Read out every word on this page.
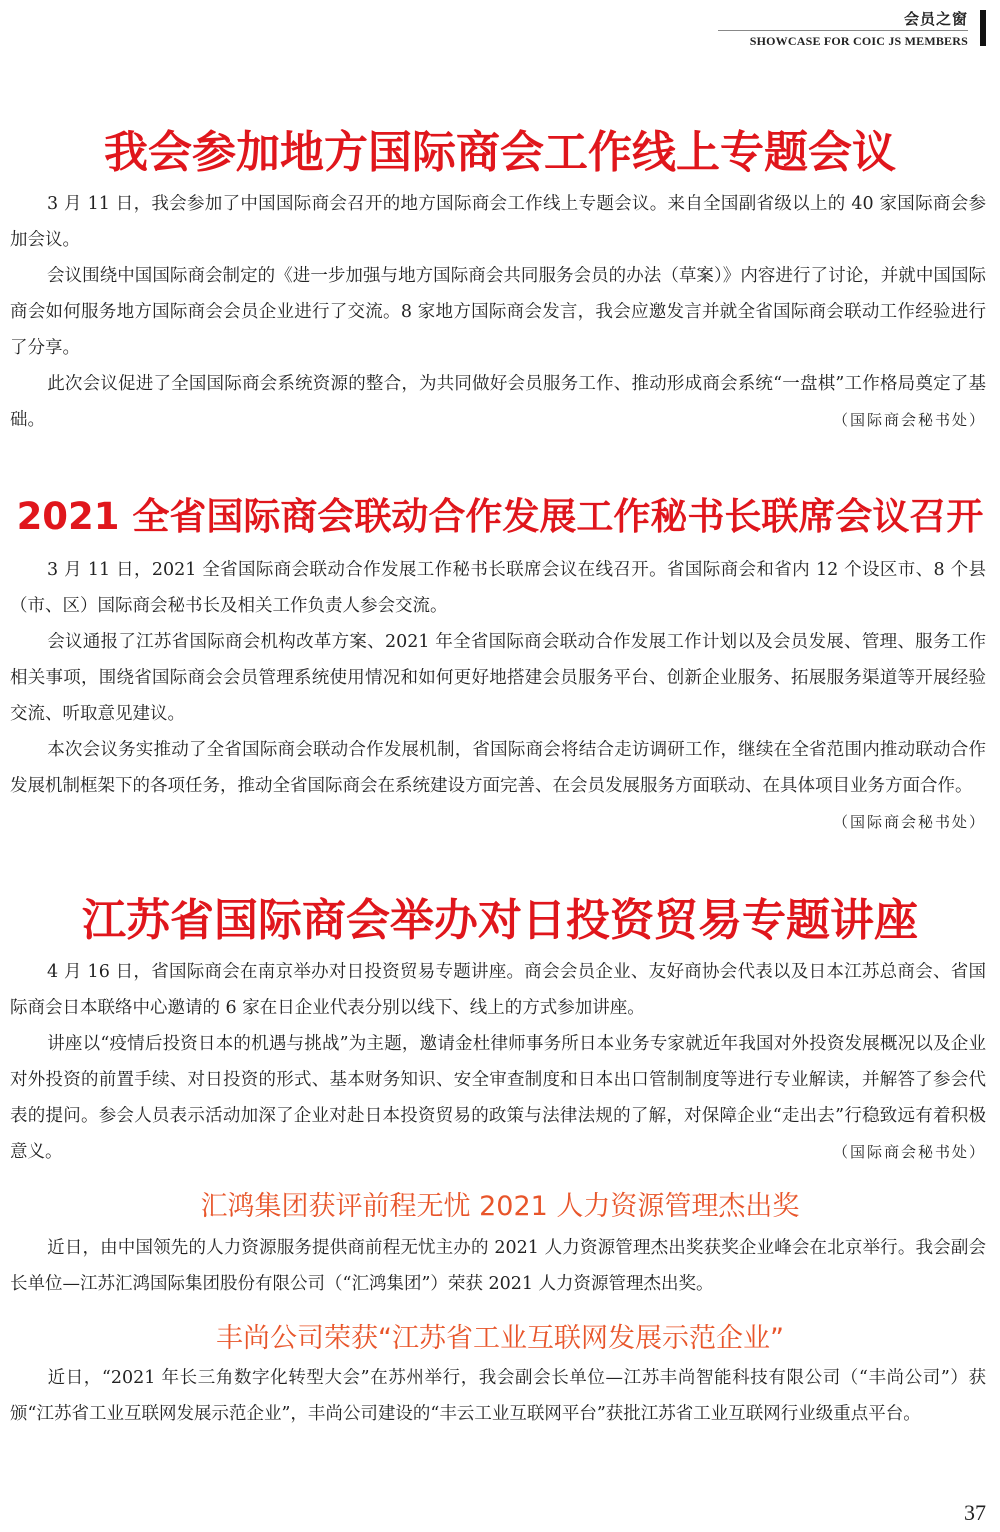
会员之窗
SHOWCASE FOR COIC JS MEMBERS
我会参加地方国际商会工作线上专题会议
3 月 11 日，我会参加了中国国际商会召开的地方国际商会工作线上专题会议。来自全国副省级以上的 40 家国际商会参加会议。
会议围绕中国国际商会制定的《进一步加强与地方国际商会共同服务会员的办法（草案）》内容进行了讨论，并就中国国际商会如何服务地方国际商会会员企业进行了交流。8 家地方国际商会发言，我会应邀发言并就全省国际商会联动工作经验进行了分享。
此次会议促进了全国国际商会系统资源的整合，为共同做好会员服务工作、推动形成商会系统“一盘棋”工作格局奠定了基础。	（国际商会秘书处）
2021 全省国际商会联动合作发展工作秘书长联席会议召开
3 月 11 日，2021 全省国际商会联动合作发展工作秘书长联席会议在线召开。省国际商会和省内 12 个设区市、8 个县（市、区）国际商会秘书长及相关工作负责人参会交流。
会议通报了江苏省国际商会机构改革方案、2021 年全省国际商会联动合作发展工作计划以及会员发展、管理、服务工作相关事项，围绕省国际商会会员管理系统使用情况和如何更好地搭建会员服务平台、创新企业服务、拓展服务渠道等开展经验交流、听取意见建议。
本次会议务实推动了全省国际商会联动合作发展机制，省国际商会将结合走访调研工作，继续在全省范围内推动联动合作发展机制框架下的各项任务，推动全省国际商会在系统建设方面完善、在会员发展服务方面联动、在具体项目业务方面合作。
（国际商会秘书处）
江苏省国际商会举办对日投资贸易专题讲座
4 月 16 日，省国际商会在南京举办对日投资贸易专题讲座。商会会员企业、友好商协会代表以及日本江苏总商会、省国际商会日本联络中心邀请的 6 家在日企业代表分别以线下、线上的方式参加讲座。
讲座以“疫情后投资日本的机遇与挑战”为主题，邀请金杜律师事务所日本业务专家就近年我国对外投资发展概况以及企业对外投资的前置手续、对日投资的形式、基本财务知识、安全审查制度和日本出口管制制度等进行专业解读，并解答了参会代表的提问。参会人员表示活动加深了企业对赴日本投资贸易的政策与法律法规的了解，对保障企业“走出去”行稳致远有着积极意义。	（国际商会秘书处）
汇鸿集团获评前程无忧 2021 人力资源管理杰出奖
近日，由中国领先的人力资源服务提供商前程无忧主办的 2021 人力资源管理杰出奖获奖企业峰会在北京举行。我会副会长单位—江苏汇鸿国际集团股份有限公司（“汇鸿集团”）荣获 2021 人力资源管理杰出奖。
丰尚公司荣获“江苏省工业互联网发展示范企业”
近日，“2021 年长三角数字化转型大会”在苏州举行，我会副会长单位—江苏丰尚智能科技有限公司（“丰尚公司”）获颁“江苏省工业互联网发展示范企业”，丰尚公司建设的“丰云工业互联网平台”获批江苏省工业互联网行业级重点平台。
37
